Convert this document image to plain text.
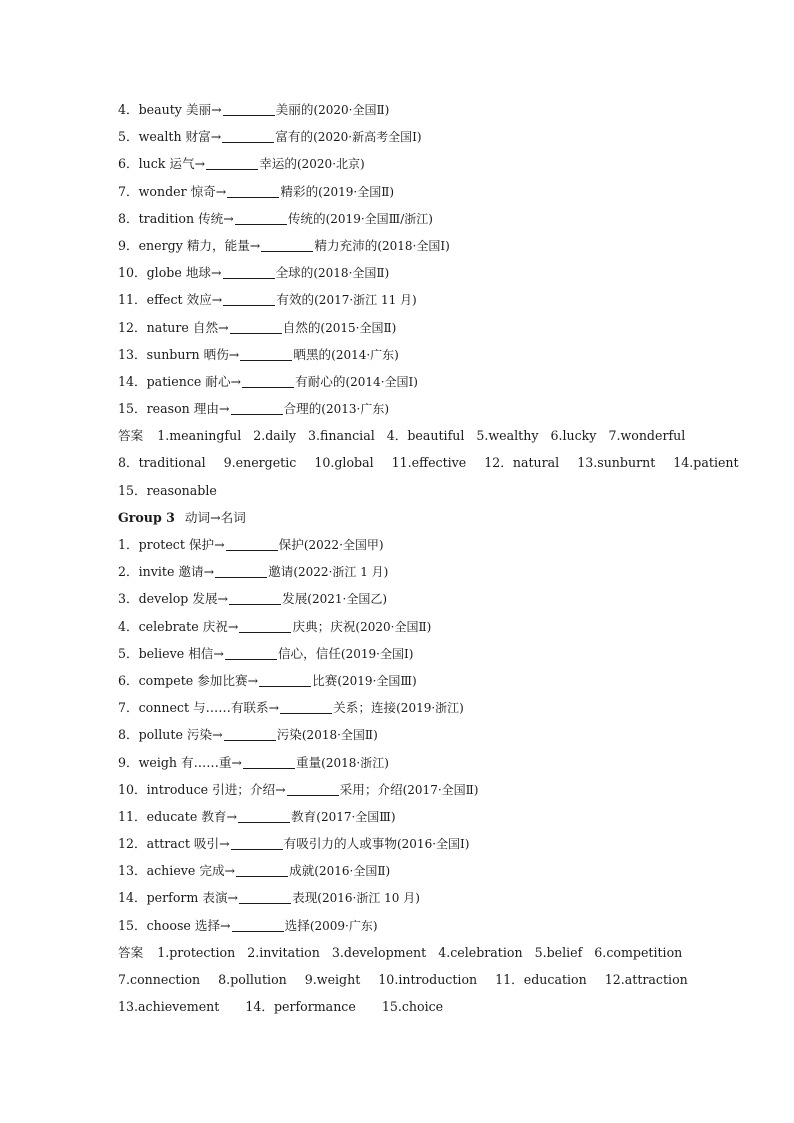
4．beauty 美丽→	美丽的(2020·全国Ⅱ)
5．wealth 财富→	富有的(2020·新高考全国Ⅰ)
6．luck 运气→	幸运的(2020·北京)
7．wonder 惊奇→	精彩的(2019·全国Ⅱ)
8．tradition 传统→	传统的(2019·全国Ⅲ/浙江)
9．energy 精力，能量→	精力充沛的(2018·全国Ⅰ)
10．globe 地球→	全球的(2018·全国Ⅱ)
11．effect 效应→	有效的(2017·浙江 11 月)
12．nature 自然→	自然的(2015·全国Ⅱ)
13．sunburn 晒伤→	晒黑的(2014·广东)
14．patience 耐心→	有耐心的(2014·全国Ⅰ)
15．reason 理由→	合理的(2013·广东)
答案 1.meaningful 2.daily 3.financial 4．beautiful 5.wealthy 6.lucky 7.wonderful
8．traditional 9.energetic 10.global 11.effective 12．natural 13.sunburnt 14.patient
15．reasonable
Group 3 动词→名词
1．protect 保护→	保护(2022·全国甲)
2．invite 邀请→	邀请(2022·浙江 1 月)
3．develop 发展→	发展(2021·全国乙)
4．celebrate 庆祝→	庆典；庆祝(2020·全国Ⅱ)
5．believe 相信→	信心，信任(2019·全国Ⅰ)
6．compete 参加比赛→	比赛(2019·全国Ⅲ)
7．connect 与……有联系→	关系；连接(2019·浙江)
8．pollute 污染→	污染(2018·全国Ⅱ)
9．weigh 有……重→	重量(2018·浙江)
10．introduce 引进；介绍→	采用；介绍(2017·全国Ⅱ)
11．educate 教育→	教育(2017·全国Ⅲ)
12．attract 吸引→	有吸引力的人或事物(2016·全国Ⅰ)
13．achieve 完成→	成就(2016·全国Ⅱ)
14．perform 表演→	表现(2016·浙江 10 月)
15．choose 选择→	选择(2009·广东)
答案 1.protection 2.invitation 3.development 4.celebration 5.belief 6.competition
7.connection 8.pollution 9.weight 10.introduction 11．education 12.attraction
13.achievement 14．performance 15.choice
